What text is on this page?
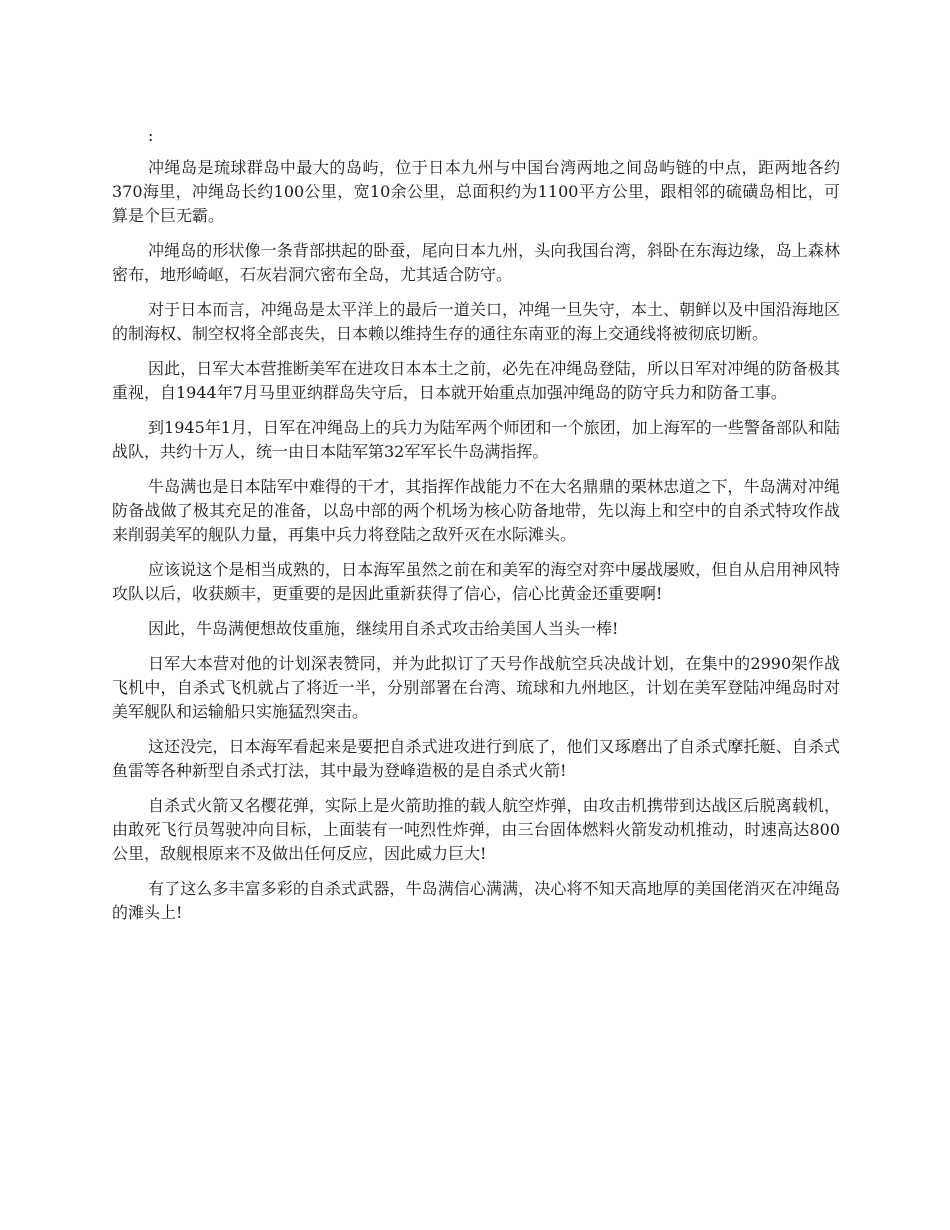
:

冲绳岛是琉球群岛中最大的岛屿，位于日本九州与中国台湾两地之间岛屿链的中点，距两地各约370海里，冲绳岛长约100公里，宽10余公里，总面积约为1100平方公里，跟相邻的硫磺岛相比，可算是个巨无霸。

冲绳岛的形状像一条背部拱起的卧蚕，尾向日本九州，头向我国台湾，斜卧在东海边缘，岛上森林密布，地形崎岖，石灰岩洞穴密布全岛，尤其适合防守。

对于日本而言，冲绳岛是太平洋上的最后一道关口，冲绳一旦失守，本土、朝鲜以及中国沿海地区的制海权、制空权将全部丧失，日本赖以维持生存的通往东南亚的海上交通线将被彻底切断。

因此，日军大本营推断美军在进攻日本本土之前，必先在冲绳岛登陆，所以日军对冲绳的防备极其重视，自1944年7月马里亚纳群岛失守后，日本就开始重点加强冲绳岛的防守兵力和防备工事。

到1945年1月，日军在冲绳岛上的兵力为陆军两个师团和一个旅团，加上海军的一些警备部队和陆战队，共约十万人，统一由日本陆军第32军军长牛岛满指挥。

牛岛满也是日本陆军中难得的干才，其指挥作战能力不在大名鼎鼎的栗林忠道之下，牛岛满对冲绳防备战做了极其充足的准备，以岛中部的两个机场为核心防备地带，先以海上和空中的自杀式特攻作战来削弱美军的舰队力量，再集中兵力将登陆之敌歼灭在水际滩头。

应该说这个是相当成熟的，日本海军虽然之前在和美军的海空对弈中屡战屡败，但自从启用神风特攻队以后，收获颇丰，更重要的是因此重新获得了信心，信心比黄金还重要啊!

因此，牛岛满便想故伎重施，继续用自杀式攻击给美国人当头一棒!

日军大本营对他的计划深表赞同，并为此拟订了天号作战航空兵决战计划，在集中的2990架作战飞机中，自杀式飞机就占了将近一半，分别部署在台湾、琉球和九州地区，计划在美军登陆冲绳岛时对美军舰队和运输船只实施猛烈突击。

这还没完，日本海军看起来是要把自杀式进攻进行到底了，他们又琢磨出了自杀式摩托艇、自杀式鱼雷等各种新型自杀式打法，其中最为登峰造极的是自杀式火箭!

自杀式火箭又名樱花弹，实际上是火箭助推的载人航空炸弹，由攻击机携带到达战区后脱离载机，由敢死飞行员驾驶冲向目标，上面装有一吨烈性炸弹，由三台固体燃料火箭发动机推动，时速高达800公里，敌舰根原来不及做出任何反应，因此威力巨大!

有了这么多丰富多彩的自杀式武器，牛岛满信心满满，决心将不知天高地厚的美国佬消灭在冲绳岛的滩头上!
